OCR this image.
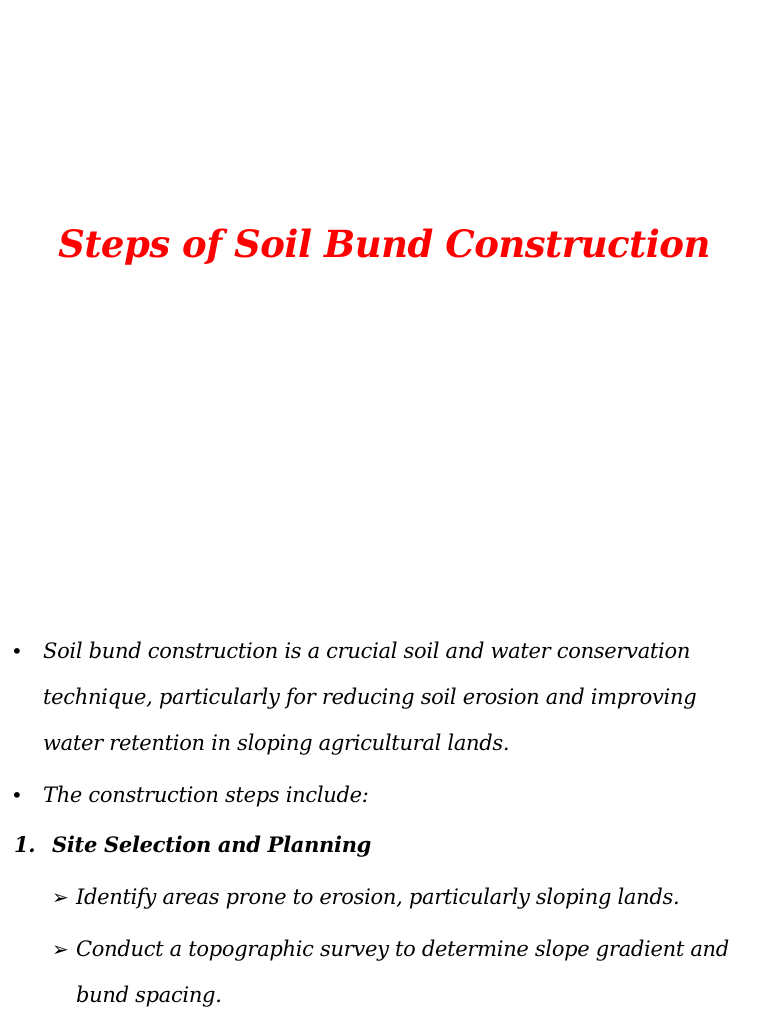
Steps of Soil Bund Construction
• Soil bund construction is a crucial soil and water conservation technique, particularly for reducing soil erosion and improving water retention in sloping agricultural lands.
• The construction steps include:
1. Site Selection and Planning
➢ Identify areas prone to erosion, particularly sloping lands.
➢ Conduct a topographic survey to determine slope gradient and bund spacing.
